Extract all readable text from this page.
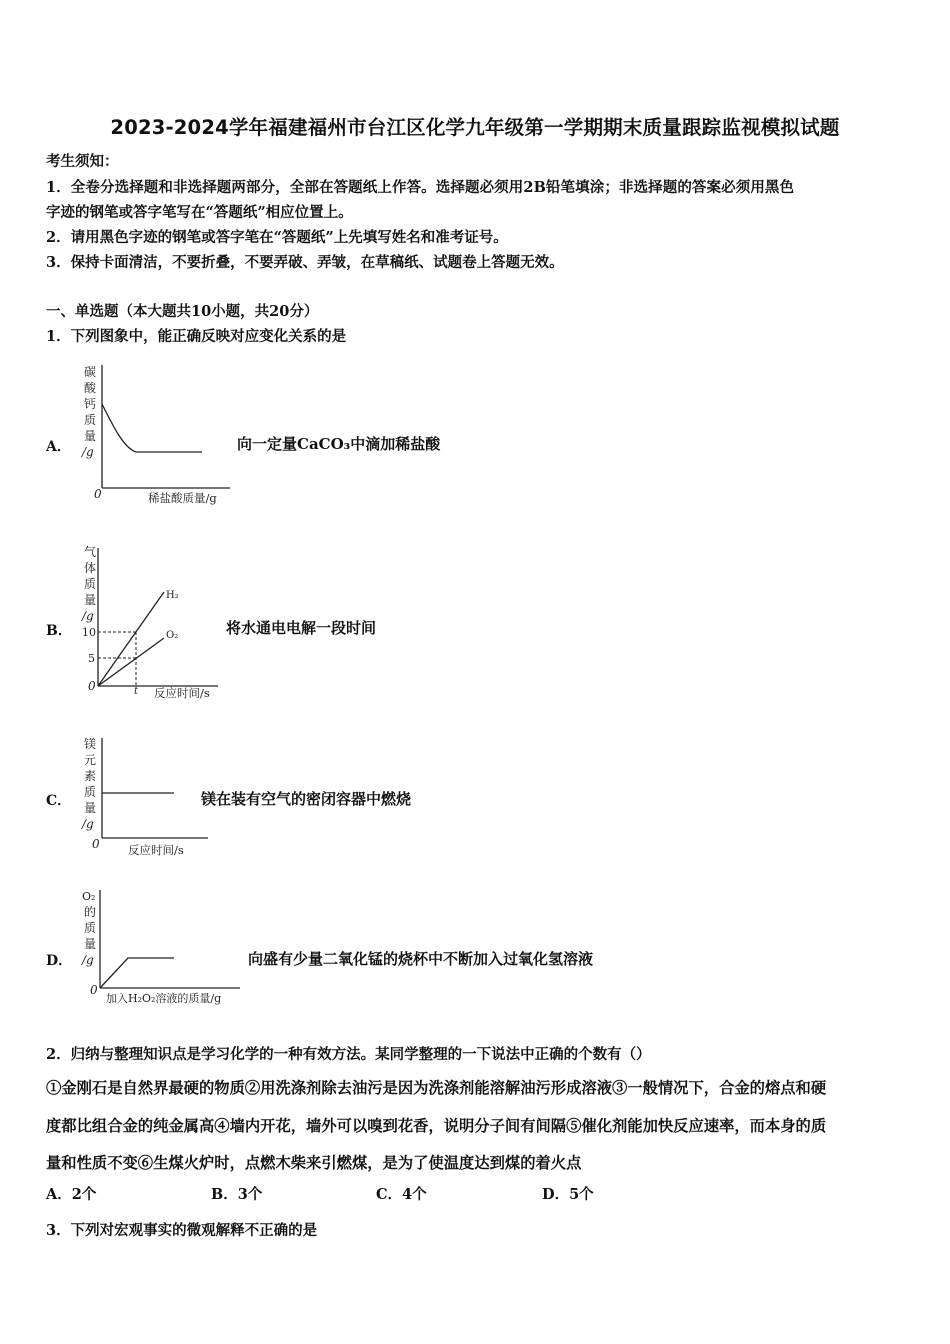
2023-2024学年福建福州市台江区化学九年级第一学期期末质量跟踪监视模拟试题
考生须知：
1．全卷分选择题和非选择题两部分，全部在答题纸上作答。选择题必须用2B铅笔填涂；非选择题的答案必须用黑色
字迹的钢笔或答字笔写在“答题纸”相应位置上。
2．请用黑色字迹的钢笔或答字笔在“答题纸”上先填写姓名和准考证号。
3．保持卡面清洁，不要折叠，不要弄破、弄皱，在草稿纸、试题卷上答题无效。
一、单选题（本大题共10小题，共20分）
1．下列图象中，能正确反映对应变化关系的是
A．
碳
酸
钙
质
量
/g
0	稀盐酸质量/g
向一定量CaCO₃中滴加稀盐酸
B．
气
体
质
量
/g
10
5
0	t 反应时间/s
H₂
O₂	将水通电电解一段时间
C．
镁
元
素
质
量
/g
0 反应时间/s
镁在装有空气的密闭容器中燃烧
D．
O₂
的
质
量
/g
0
加入H₂O₂溶液的质量/g
向盛有少量二氧化锰的烧杯中不断加入过氧化氢溶液
2．归纳与整理知识点是学习化学的一种有效方法。某同学整理的一下说法中正确的个数有（）
①金刚石是自然界最硬的物质②用洗涤剂除去油污是因为洗涤剂能溶解油污形成溶液③一般情况下，合金的熔点和硬
度都比组合金的纯金属高④墙内开花，墙外可以嗅到花香，说明分子间有间隔⑤催化剂能加快反应速率，而本身的质
量和性质不变⑥生煤火炉时，点燃木柴来引燃煤，是为了使温度达到煤的着火点
A．2个	B．3个	C．4个	D．5个
3．下列对宏观事实的微观解释不正确的是
